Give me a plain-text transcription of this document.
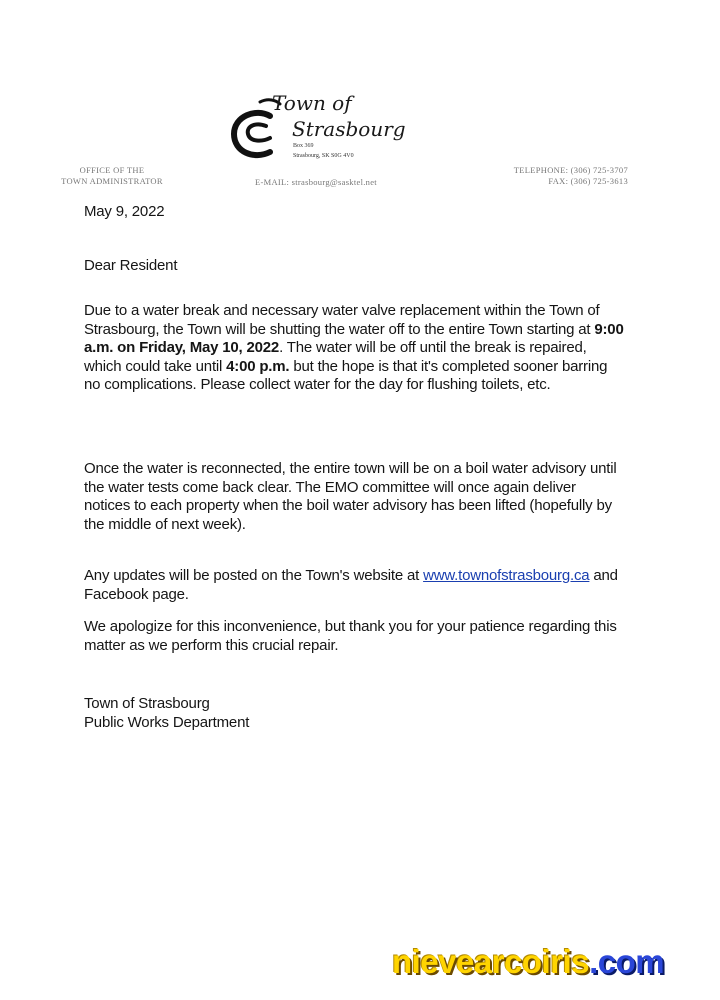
Town of
Strasbourg
Box 369
Strasbourg, SK S0G 4V0
OFFICE OF THE
TOWN ADMINISTRATOR	E-MAIL: strasbourg@sasktel.net
TELEPHONE: (306) 725-3707
FAX: (306) 725-3613
May 9, 2022
Dear Resident
Due to a water break and necessary water valve replacement within the Town of Strasbourg, the Town will be shutting the water off to the entire Town starting at 9:00 a.m. on Friday, May 10, 2022. The water will be off until the break is repaired, which could take until 4:00 p.m. but the hope is that it's completed sooner barring no complications. Please collect water for the day for flushing toilets, etc.
Once the water is reconnected, the entire town will be on a boil water advisory until the water tests come back clear. The EMO committee will once again deliver notices to each property when the boil water advisory has been lifted (hopefully by the middle of next week).
Any updates will be posted on the Town's website at www.townofstrasbourg.ca and Facebook page.
We apologize for this inconvenience, but thank you for your patience regarding this matter as we perform this crucial repair.
Town of Strasbourg
Public Works Department
nievearcoiris.com
